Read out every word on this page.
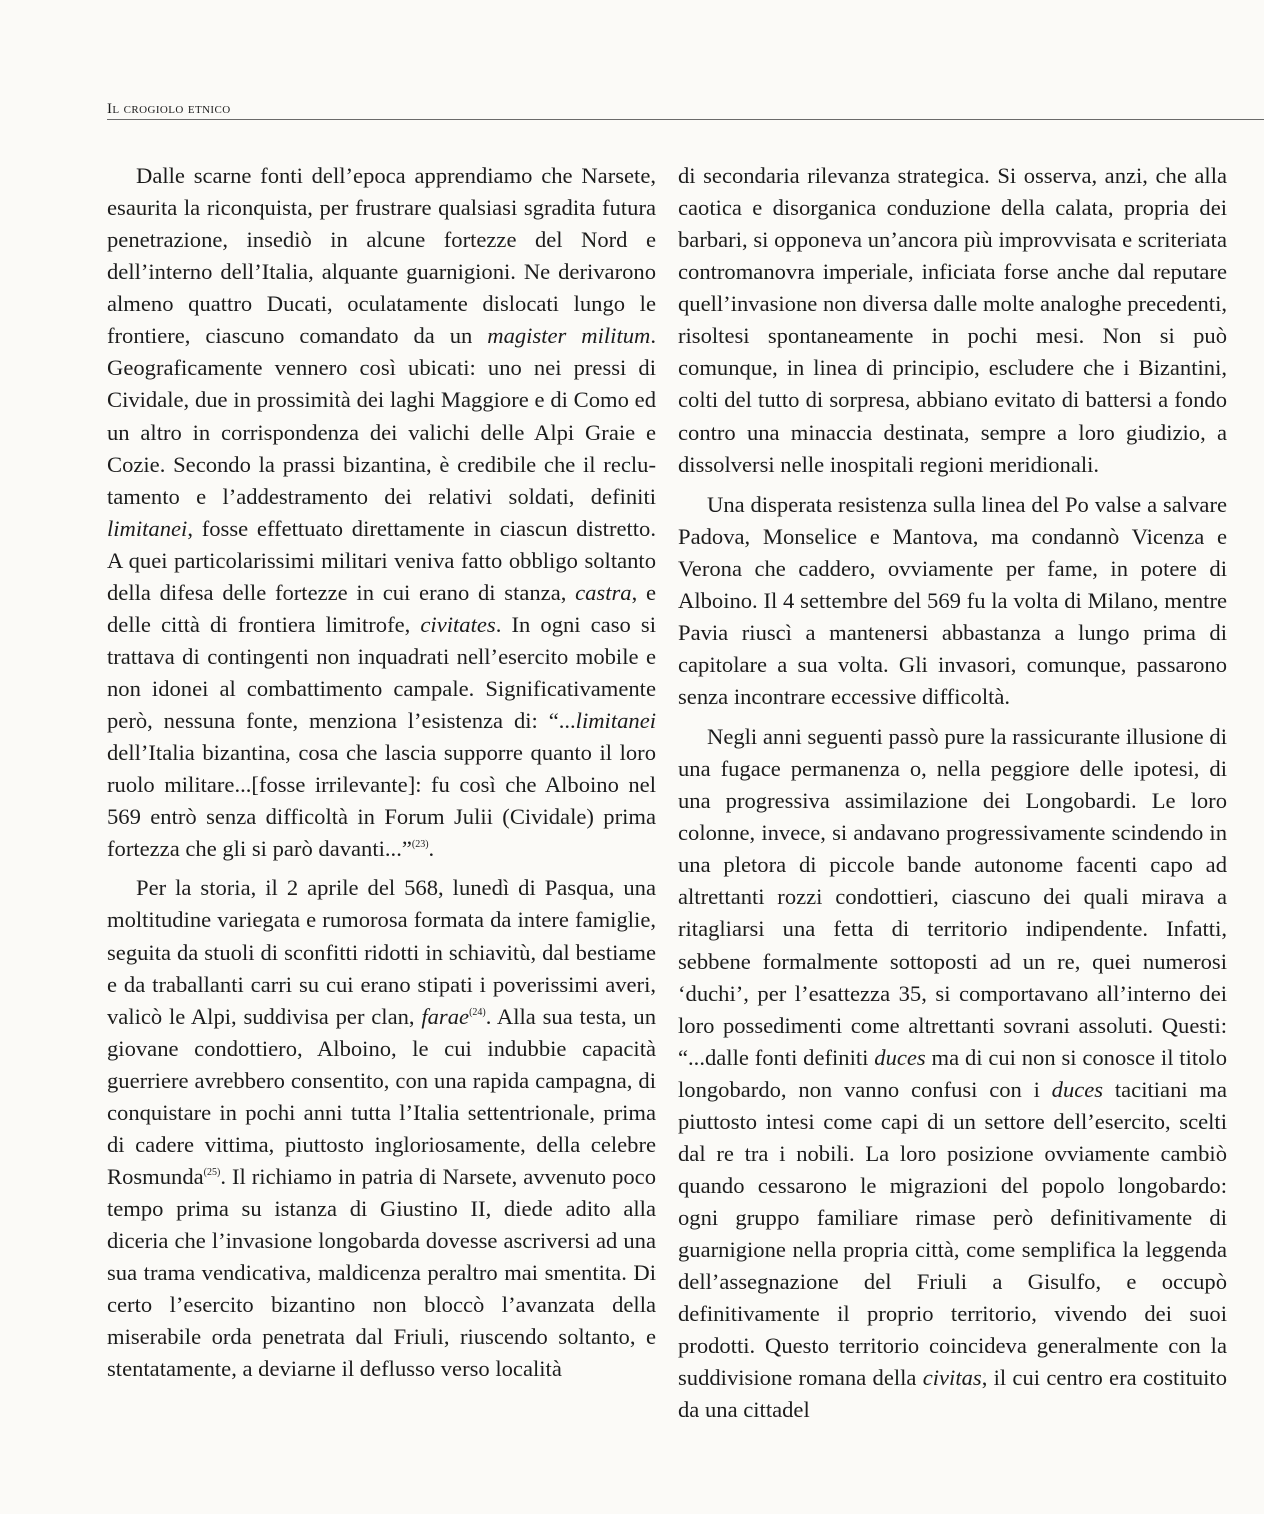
Il crogiolo etnico

Dalle scarne fonti dell’epoca apprendiamo che Narsete, esaurita la riconquista, per frustrare qualsiasi sgradita futura penetrazione, insediò in alcune fortezze del Nord e dell’interno dell’Italia, alquante guarnigioni. Ne derivarono almeno quattro Ducati, oculatamente dislocati lungo le frontiere, ciascuno comandato da un magister militum. Geograficamente vennero così ubicati: uno nei pressi di Cividale, due in prossimità dei laghi Maggiore e di Como ed un altro in corrispondenza dei valichi delle Alpi Graie e Cozie. Secondo la prassi bizantina, è credibile che il reclutamento e l’addestramento dei relativi soldati, definiti limitanei, fosse effettuato direttamente in ciascun distretto. A quei particolarissimi militari veniva fatto obbligo soltanto della difesa delle fortezze in cui erano di stanza, castra, e delle città di frontiera limitrofe, civitates. In ogni caso si trattava di contingenti non inquadrati nell’esercito mobile e non idonei al combattimento campale. Significativamente però, nessuna fonte, menziona l’esistenza di: “...limitanei dell’Italia bizantina, cosa che lascia supporre quanto il loro ruolo militare...[fosse irrilevante]: fu così che Alboino nel 569 entrò senza difficoltà in Forum Julii (Cividale) prima fortezza che gli si parò davanti...”$^{(23)}$.

Per la storia, il 2 aprile del 568, lunedì di Pasqua, una moltitudine variegata e rumorosa formata da intere famiglie, seguita da stuoli di sconfitti ridotti in schiavitù, dal bestiame e da traballanti carri su cui erano stipati i poverissimi averi, valicò le Alpi, suddivisa per clan, farae$^{(24)}$. Alla sua testa, un giovane condottiero, Alboino, le cui indubbie capacità guerriere avrebbero consentito, con una rapida campagna, di conquistare in pochi anni tutta l’Italia settentrionale, prima di cadere vittima, piuttosto ingloriosamente, della celebre Rosmunda$^{(25)}$. Il richiamo in patria di Narsete, avvenuto poco tempo prima su istanza di Giustino II, diede adito alla diceria che l’invasione longobarda dovesse ascriversi ad una sua trama vendicativa, maldicenza peraltro mai smentita. Di certo l’esercito bizantino non bloccò l’avanzata della miserabile orda penetrata dal Friuli, riuscendo soltanto, e stentatamente, a deviarne il deflusso verso località

di secondaria rilevanza strategica. Si osserva, anzi, che alla caotica e disorganica conduzione della calata, propria dei barbari, si opponeva un’ancora più improvvisata e scriteriata contromanovra imperiale, inficiata forse anche dal reputare quell’invasione non diversa dalle molte analoghe precedenti, risoltesi spontaneamente in pochi mesi. Non si può comunque, in linea di principio, escludere che i Bizantini, colti del tutto di sorpresa, abbiano evitato di battersi a fondo contro una minaccia destinata, sempre a loro giudizio, a dissolversi nelle inospitali regioni meridionali.

Una disperata resistenza sulla linea del Po valse a salvare Padova, Monselice e Mantova, ma condannò Vicenza e Verona che caddero, ovviamente per fame, in potere di Alboino. Il 4 settembre del 569 fu la volta di Milano, mentre Pavia riuscì a mantenersi abbastanza a lungo prima di capitolare a sua volta. Gli invasori, comunque, passarono senza incontrare eccessive difficoltà.

Negli anni seguenti passò pure la rassicurante illusione di una fugace permanenza o, nella peggiore delle ipotesi, di una progressiva assimilazione dei Longobardi. Le loro colonne, invece, si andavano progressivamente scindendo in una pletora di piccole bande autonome facenti capo ad altrettanti rozzi condottieri, ciascuno dei quali mirava a ritagliarsi una fetta di territorio indipendente. Infatti, sebbene formalmente sottoposti ad un re, quei numerosi ‘duchi’, per l’esattezza 35, si comportavano all’interno dei loro possedimenti come altrettanti sovrani assoluti. Questi: “...dalle fonti definiti duces ma di cui non si conosce il titolo longobardo, non vanno confusi con i duces tacitiani ma piuttosto intesi come capi di un settore dell’esercito, scelti dal re tra i nobili. La loro posizione ovviamente cambiò quando cessarono le migrazioni del popolo longobardo: ogni gruppo familiare rimase però definitivamente di guarnigione nella propria città, come semplifica la leggenda dell’assegnazione del Friuli a Gisulfo, e occupò definitivamente il proprio territorio, vivendo dei suoi prodotti. Questo territorio coincideva generalmente con la suddivisione romana della civitas, il cui centro era costituito da una cittadel
